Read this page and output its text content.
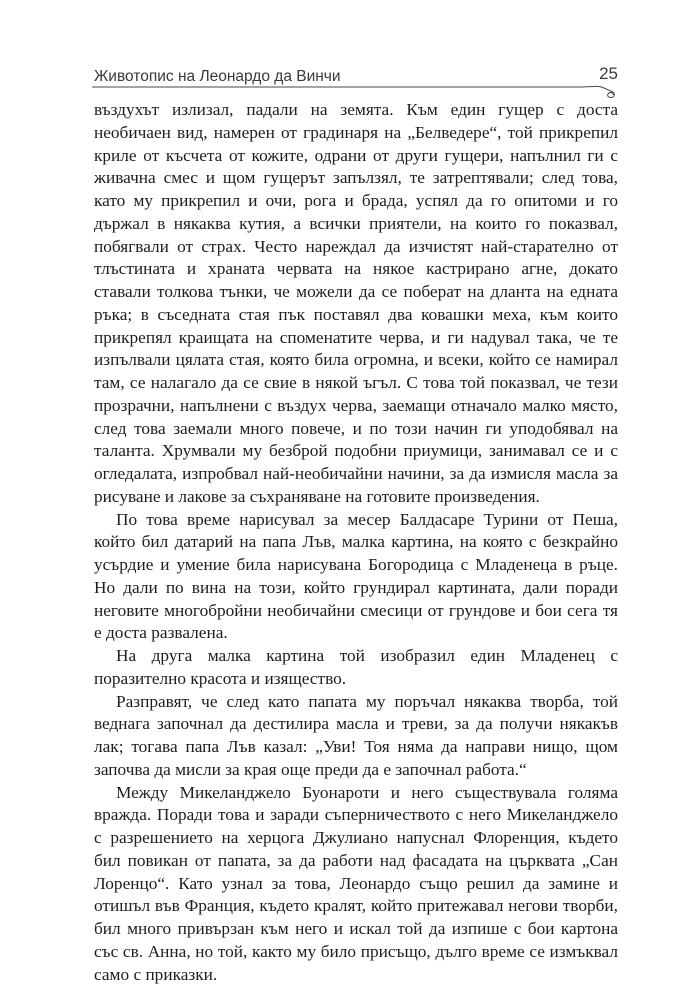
Животопис на Леонардо да Винчи	25

въздухът излизал, падали на земята. Към един гущер с доста необичаен вид, намерен от градинаря на „Белведере“, той прикрепил криле от късчета от кожите, одрани от други гущери, напълнил ги с живачна смес и щом гущерът запълзял, те затрептявали; след това, като му прикрепил и очи, рога и брада, успял да го опитоми и го държал в някаква кутия, а всички приятели, на които го показвал, побягвали от страх. Често нареждал да изчистят най-старателно от тлъстината и храната червата на някое кастрирано агне, докато ставали толкова тънки, че можели да се поберат на дланта на едната ръка; в съседната стая пък поставял два ковашки меха, към които прикрепял краищата на споменатите черва, и ги надувал така, че те изпълвали цялата стая, която била огромна, и всеки, който се намирал там, се налагало да се свие в някой ъгъл. С това той показвал, че тези прозрачни, напълнени с въздух черва, заемащи отначало малко място, след това заемали много повече, и по този начин ги уподобявал на таланта. Хрумвали му безброй подобни приумици, занимавал се и с огледалата, изпробвал най-необичайни начини, за да измисля масла за рисуване и лакове за съхраняване на готовите произведения.

По това време нарисувал за месер Балдасаре Турини от Пеша, който бил датарий на папа Лъв, малка картина, на която с безкрайно усърдие и умение била нарисувана Богородица с Младенеца в ръце. Но дали по вина на този, който грундирал картината, дали поради неговите многобройни необичайни смесици от грундове и бои сега тя е доста развалена.

На друга малка картина той изобразил един Младенец с поразително красота и изящество.

Разправят, че след като папата му поръчал някаква творба, той веднага започнал да дестилира масла и треви, за да получи някакъв лак; тогава папа Лъв казал: „Уви! Тоя няма да направи нищо, щом започва да мисли за края още преди да е започнал работа.“

Между Микеланджело Буонароти и него съществувала голяма вражда. Поради това и заради съперничеството с него Микеланджело с разрешението на херцога Джулиано напуснал Флоренция, където бил повикан от папата, за да работи над фасадата на църквата „Сан Лоренцо“. Като узнал за това, Леонардо също решил да замине и отишъл във Франция, където кралят, който притежавал негови творби, бил много привързан към него и искал той да изпише с бои картона със св. Анна, но той, както му било присъщо, дълго време се измъквал само с приказки.
